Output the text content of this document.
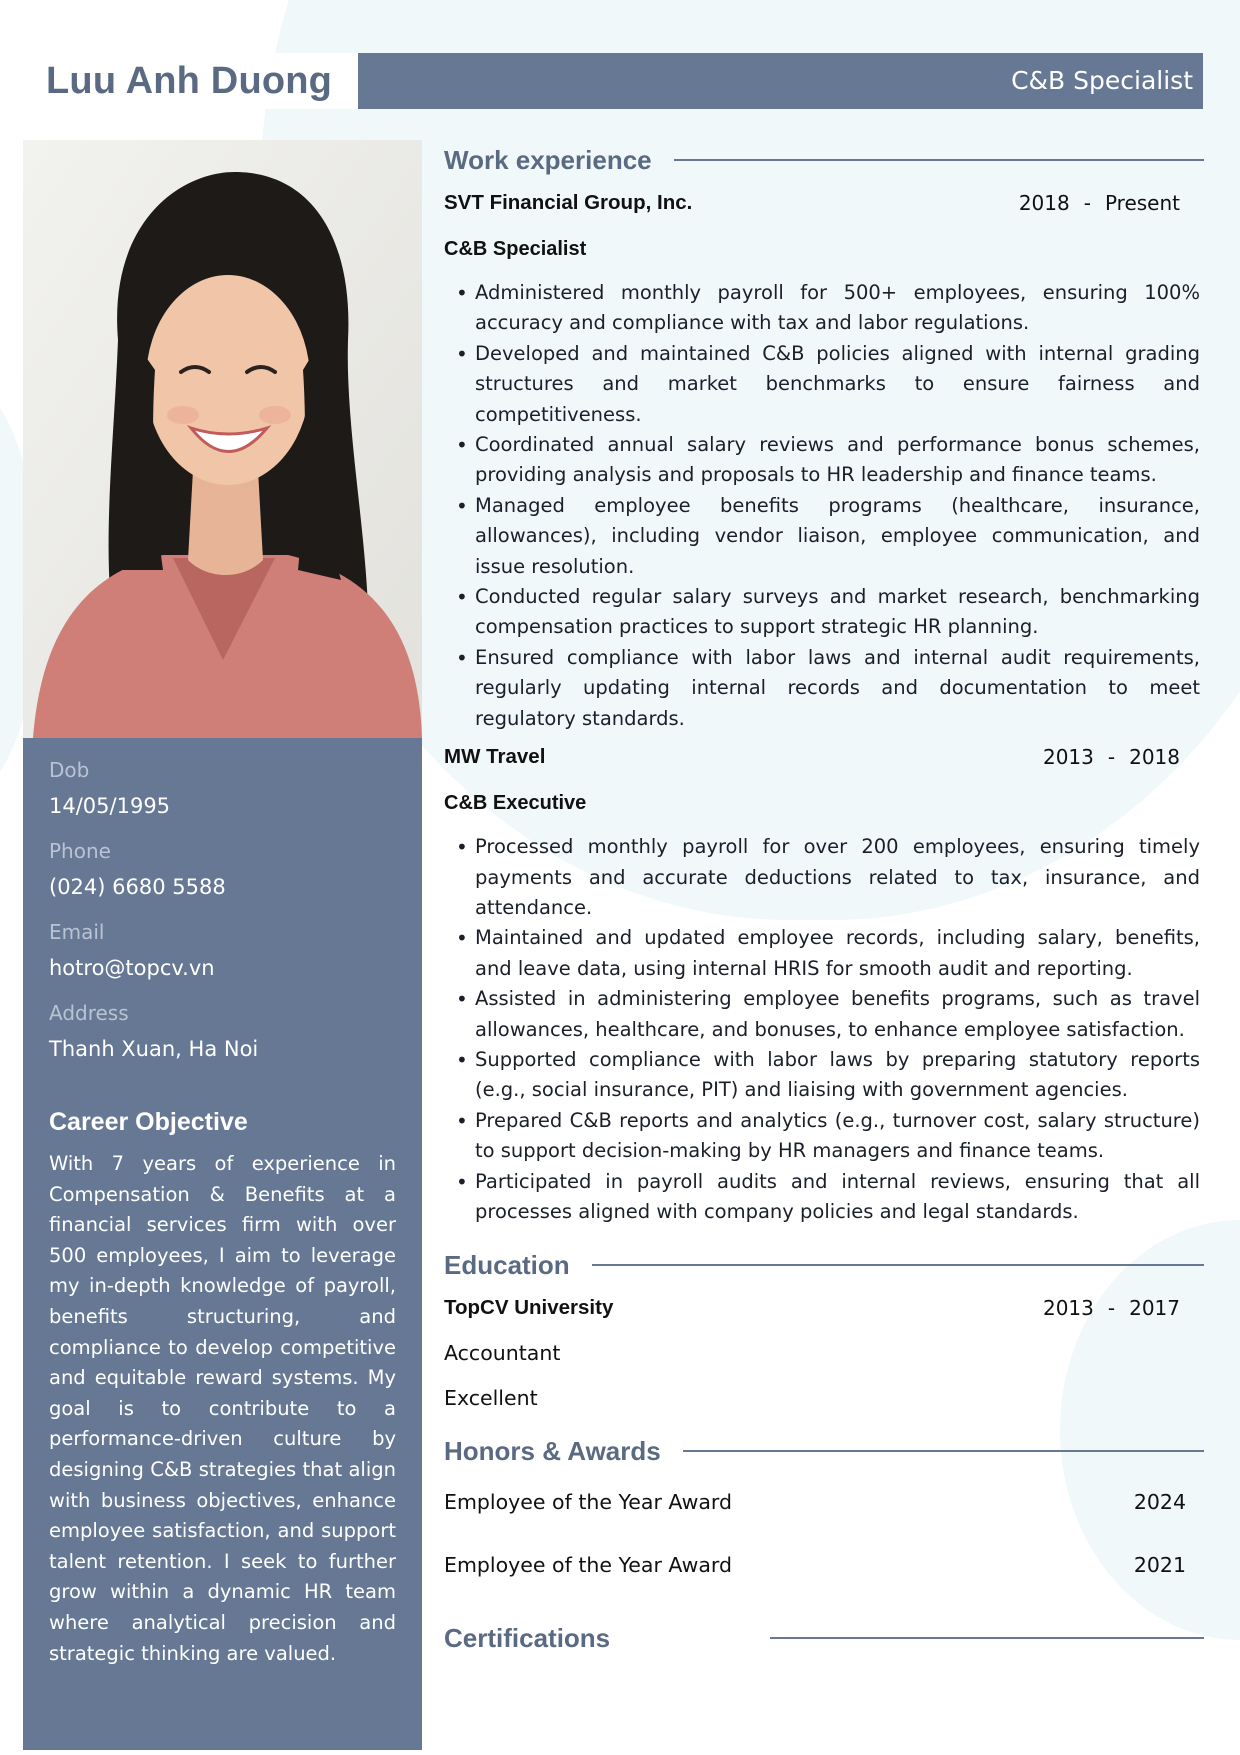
Luu Anh Duong	C&B Specialist
Dob
14/05/1995
Phone
(024) 6680 5588
Email
hotro@topcv.vn
Address
Thanh Xuan, Ha Noi
Career Objective
With 7 years of experience in Compensation & Benefits at a financial services firm with over 500 employees, I aim to leverage my in-depth knowledge of payroll, benefits structuring, and compliance to develop competitive and equitable reward systems. My goal is to contribute to a performance-driven culture by designing C&B strategies that align with business objectives, enhance employee satisfaction, and support talent retention. I seek to further grow within a dynamic HR team where analytical precision and strategic thinking are valued.
Work experience
SVT Financial Group, Inc.	2018 - Present
C&B Specialist
• Administered monthly payroll for 500+ employees, ensuring 100% accuracy and compliance with tax and labor regulations.
• Developed and maintained C&B policies aligned with internal grading structures and market benchmarks to ensure fairness and competitiveness.
• Coordinated annual salary reviews and performance bonus schemes, providing analysis and proposals to HR leadership and finance teams.
• Managed employee benefits programs (healthcare, insurance, allowances), including vendor liaison, employee communication, and issue resolution.
• Conducted regular salary surveys and market research, benchmarking compensation practices to support strategic HR planning.
• Ensured compliance with labor laws and internal audit requirements, regularly updating internal records and documentation to meet regulatory standards.
MW Travel	2013 - 2018
C&B Executive
• Processed monthly payroll for over 200 employees, ensuring timely payments and accurate deductions related to tax, insurance, and attendance.
• Maintained and updated employee records, including salary, benefits, and leave data, using internal HRIS for smooth audit and reporting.
• Assisted in administering employee benefits programs, such as travel allowances, healthcare, and bonuses, to enhance employee satisfaction.
• Supported compliance with labor laws by preparing statutory reports (e.g., social insurance, PIT) and liaising with government agencies.
• Prepared C&B reports and analytics (e.g., turnover cost, salary structure) to support decision-making by HR managers and finance teams.
• Participated in payroll audits and internal reviews, ensuring that all processes aligned with company policies and legal standards.
Education
TopCV University	2013 - 2017
Accountant
Excellent
Honors & Awards
Employee of the Year Award	2024
Employee of the Year Award	2021
Certifications
